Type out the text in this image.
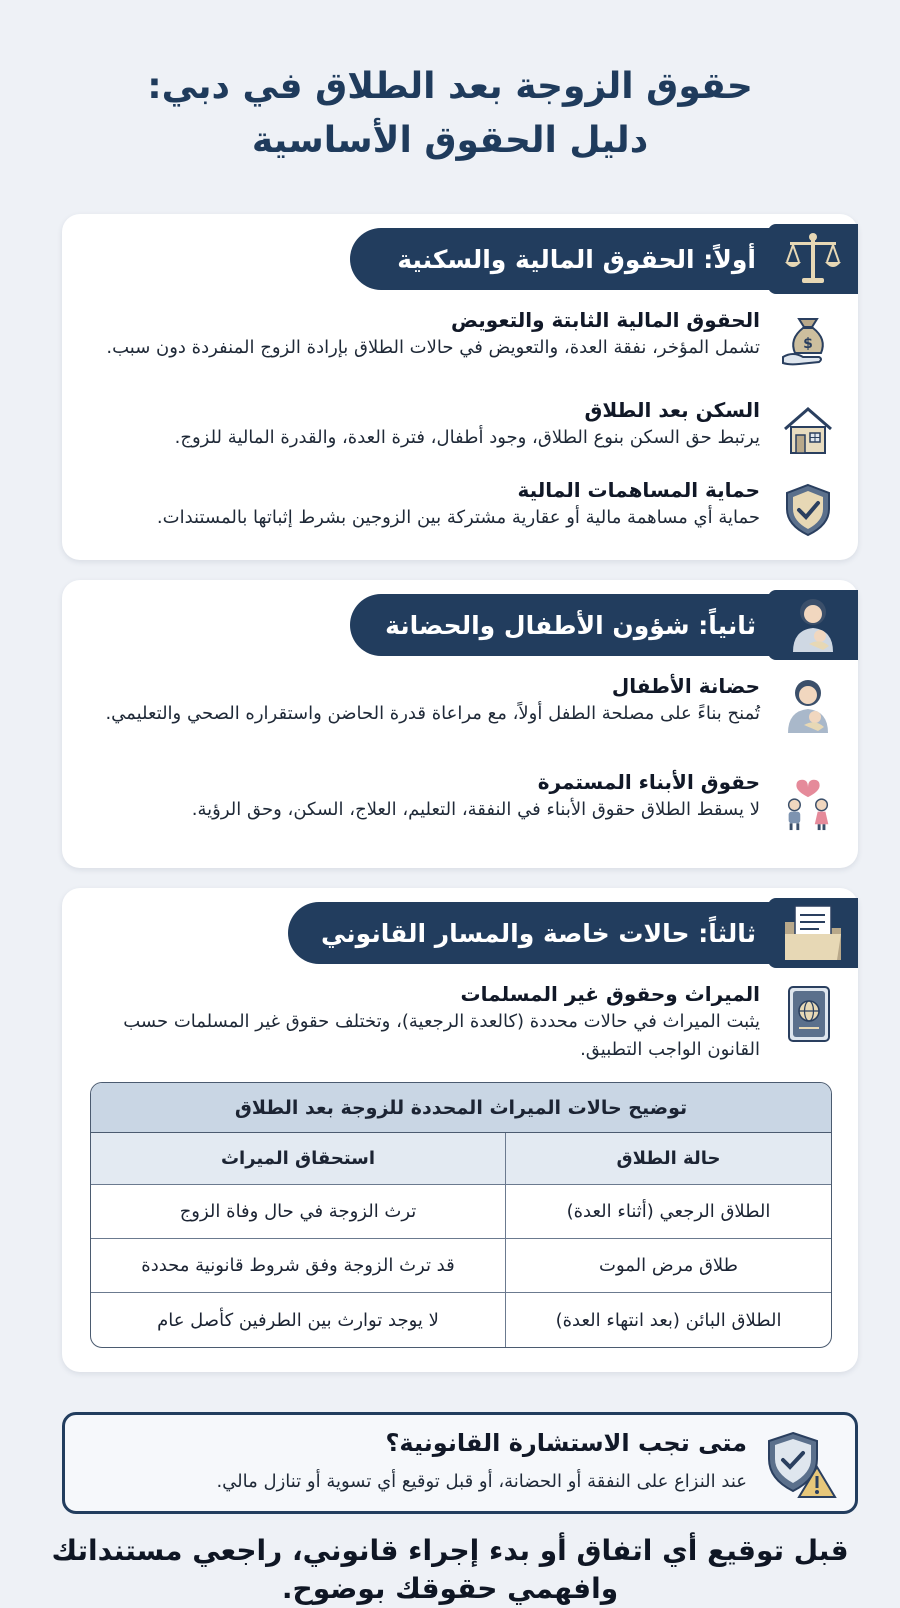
حقوق الزوجة بعد الطلاق في دبي:
دليل الحقوق الأساسية
أولاً: الحقوق المالية والسكنية
$
الحقوق المالية الثابتة والتعويض
تشمل المؤخر، نفقة العدة، والتعويض في حالات الطلاق بإرادة الزوج المنفردة دون سبب.
السكن بعد الطلاق
يرتبط حق السكن بنوع الطلاق، وجود أطفال، فترة العدة، والقدرة المالية للزوج.
حماية المساهمات المالية
حماية أي مساهمة مالية أو عقارية مشتركة بين الزوجين بشرط إثباتها بالمستندات.
ثانياً: شؤون الأطفال والحضانة
حضانة الأطفال
تُمنح بناءً على مصلحة الطفل أولاً، مع مراعاة قدرة الحاضن واستقراره الصحي والتعليمي.
حقوق الأبناء المستمرة
لا يسقط الطلاق حقوق الأبناء في النفقة، التعليم، العلاج، السكن، وحق الرؤية.
ثالثاً: حالات خاصة والمسار القانوني
الميراث وحقوق غير المسلمات
يثبت الميراث في حالات محددة (كالعدة الرجعية)، وتختلف حقوق غير المسلمات حسب القانون الواجب التطبيق.
توضيح حالات الميراث المحددة للزوجة بعد الطلاق
حالة الطلاق
استحقاق الميراث
الطلاق الرجعي (أثناء العدة)
ترث الزوجة في حال وفاة الزوج
طلاق مرض الموت
قد ترث الزوجة وفق شروط قانونية محددة
الطلاق البائن (بعد انتهاء العدة)
لا يوجد توارث بين الطرفين كأصل عام
متى تجب الاستشارة القانونية؟
عند النزاع على النفقة أو الحضانة، أو قبل توقيع أي تسوية أو تنازل مالي.
قبل توقيع أي اتفاق أو بدء إجراء قانوني، راجعي مستنداتك
وافهمي حقوقك بوضوح.
